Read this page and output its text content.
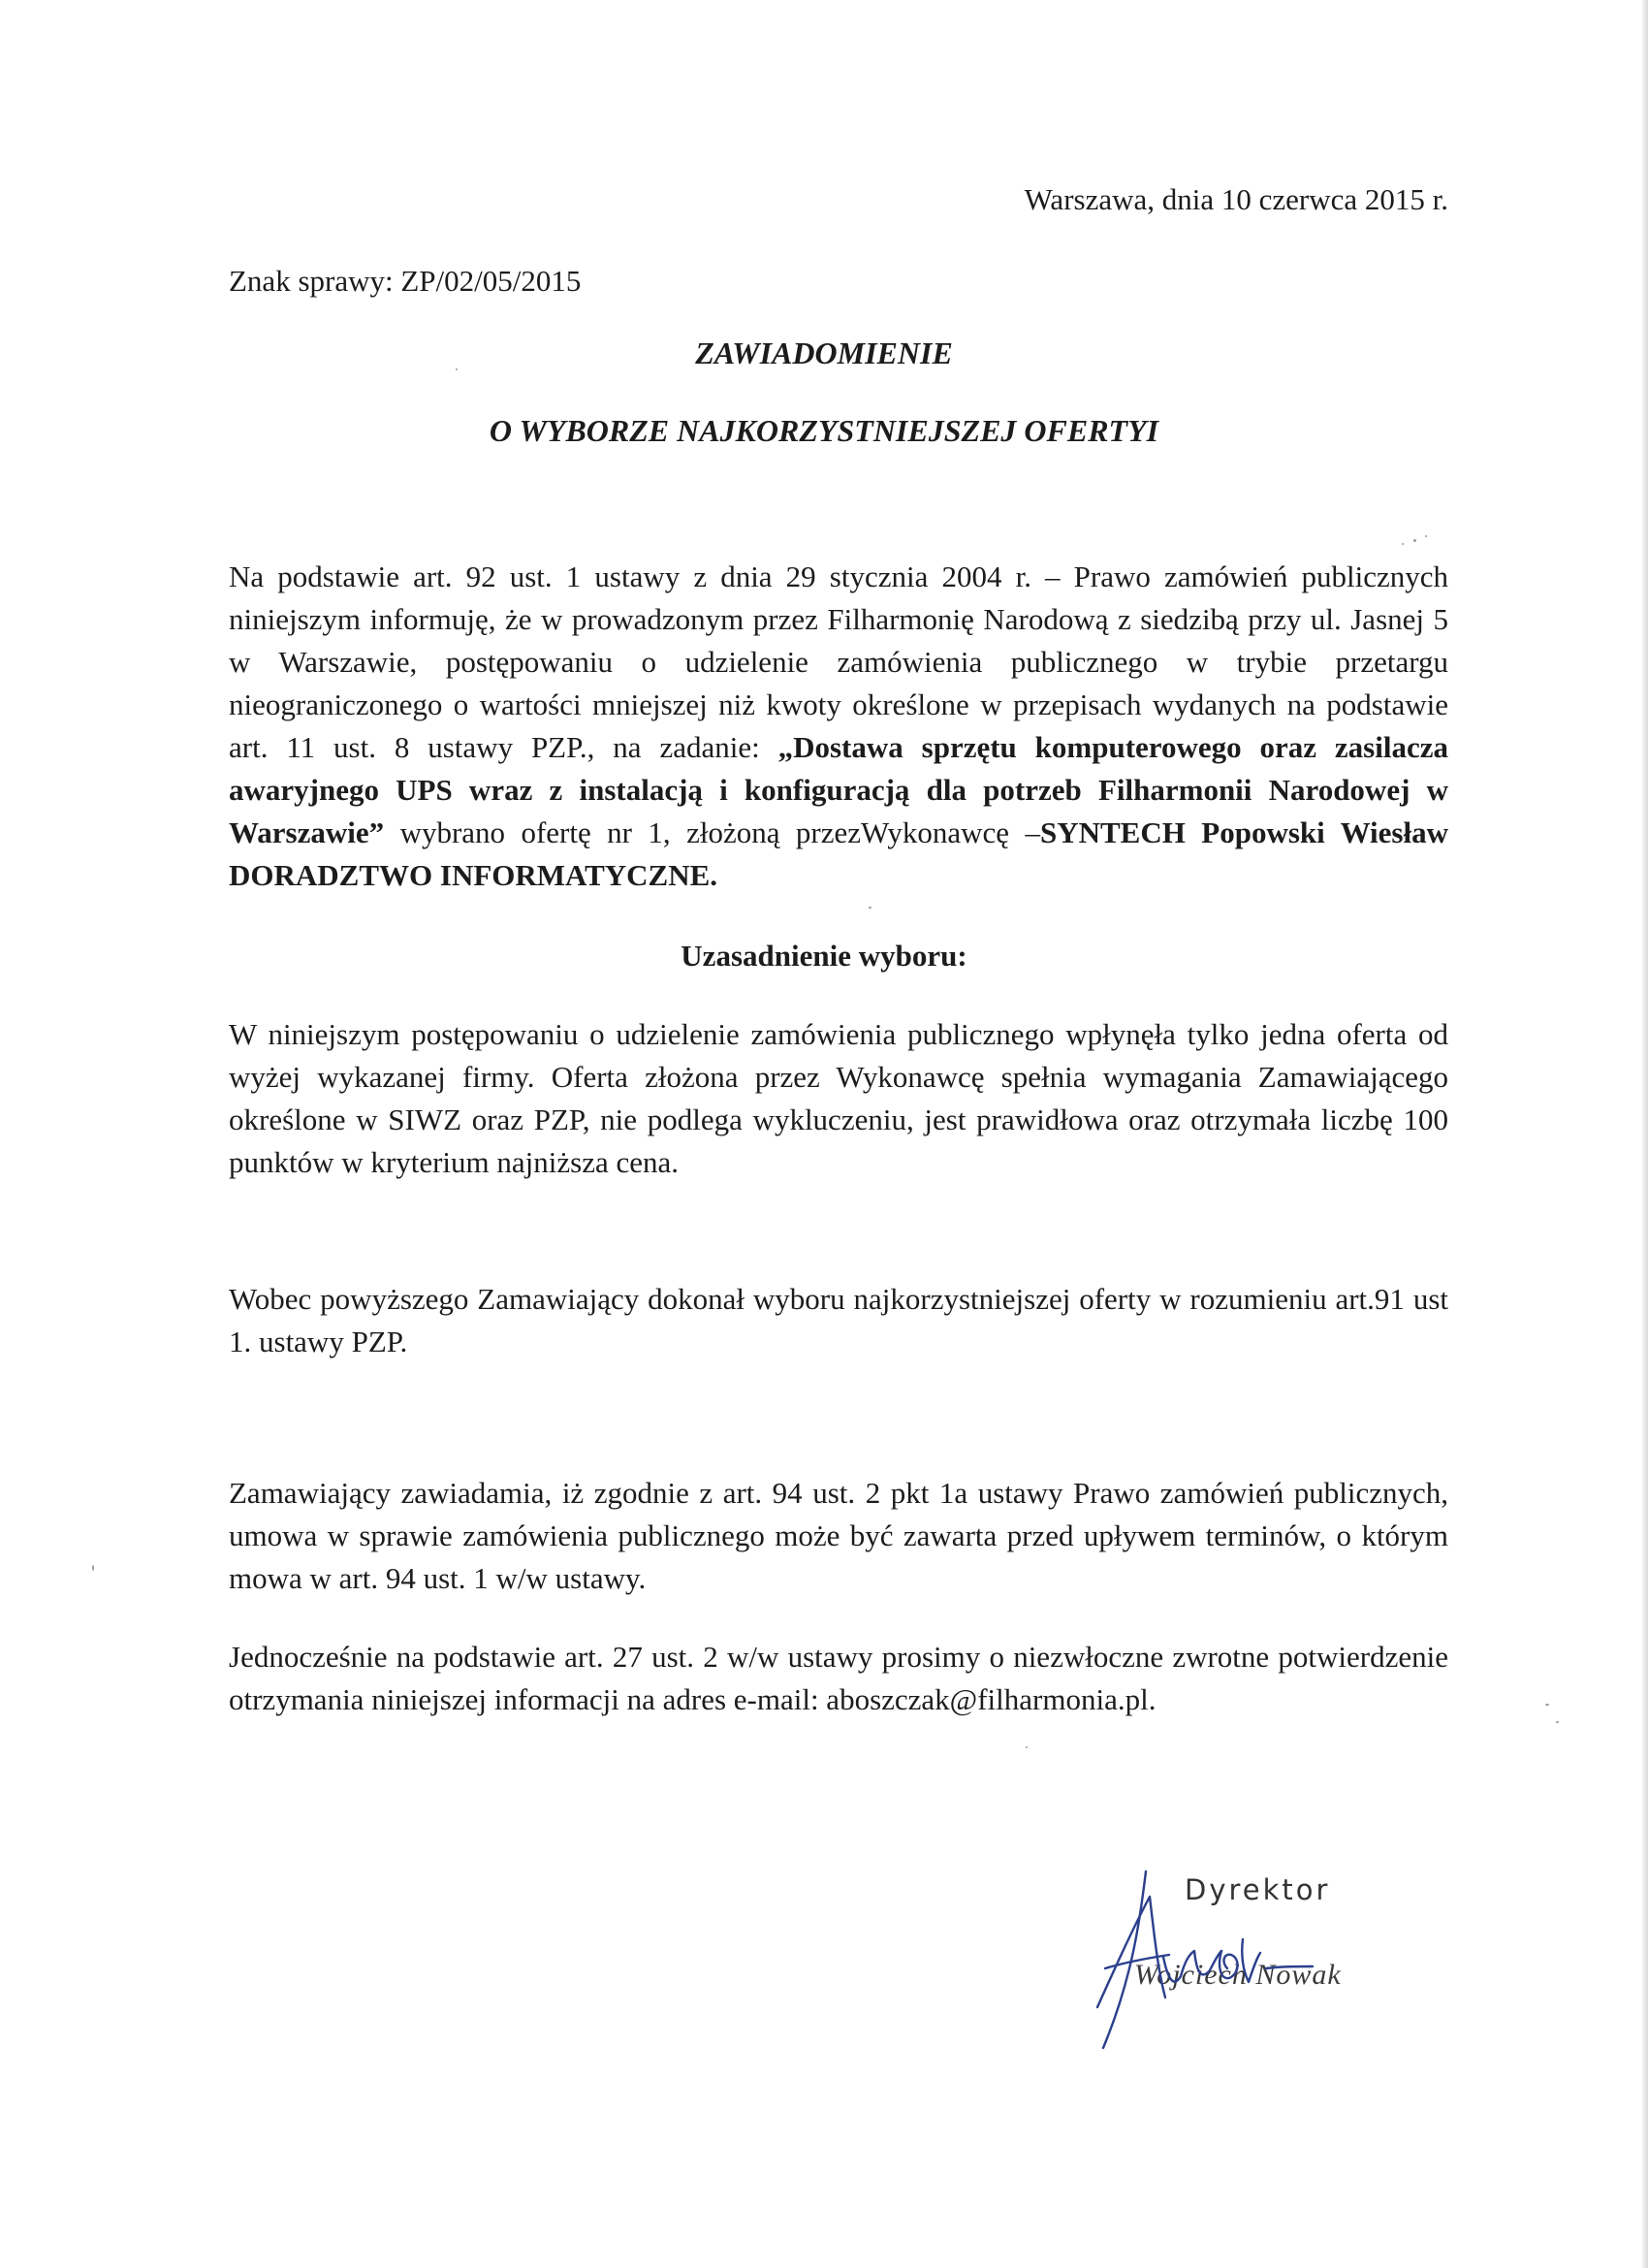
Warszawa, dnia 10 czerwca 2015 r.
Znak sprawy: ZP/02/05/2015
ZAWIADOMIENIE
O WYBORZE NAJKORZYSTNIEJSZEJ OFERTYI
Na podstawie art. 92 ust. 1 ustawy z dnia 29 stycznia 2004 r. – Prawo zamówień publicznych niniejszym informuję, że w prowadzonym przez Filharmonię Narodową z siedzibą przy ul. Jasnej 5 w Warszawie, postępowaniu o udzielenie zamówienia publicznego w trybie przetargu nieograniczonego o wartości mniejszej niż kwoty określone w przepisach wydanych na podstawie art. 11 ust. 8 ustawy PZP., na zadanie: „Dostawa sprzętu komputerowego oraz zasilacza awaryjnego UPS wraz z instalacją i konfiguracją dla potrzeb Filharmonii Narodowej w Warszawie” wybrano ofertę nr 1, złożoną przezWykonawcę –SYNTECH Popowski Wiesław DORADZTWO INFORMATYCZNE.
Uzasadnienie wyboru:
W niniejszym postępowaniu o udzielenie zamówienia publicznego wpłynęła tylko jedna oferta od wyżej wykazanej firmy. Oferta złożona przez Wykonawcę spełnia wymagania Zamawiającego określone w SIWZ oraz PZP, nie podlega wykluczeniu, jest prawidłowa oraz otrzymała liczbę 100 punktów w kryterium najniższa cena.
Wobec powyższego Zamawiający dokonał wyboru najkorzystniejszej oferty w rozumieniu art.91 ust 1. ustawy PZP.
Zamawiający zawiadamia, iż zgodnie z art. 94 ust. 2 pkt 1a ustawy Prawo zamówień publicznych, umowa w sprawie zamówienia publicznego może być zawarta przed upływem terminów, o którym mowa w art. 94 ust. 1 w/w ustawy.
Jednocześnie na podstawie art. 27 ust. 2 w/w ustawy prosimy o niezwłoczne zwrotne potwierdzenie otrzymania niniejszej informacji na adres e-mail: aboszczak@filharmonia.pl.
Dyrektor
Wojciech Nowak
